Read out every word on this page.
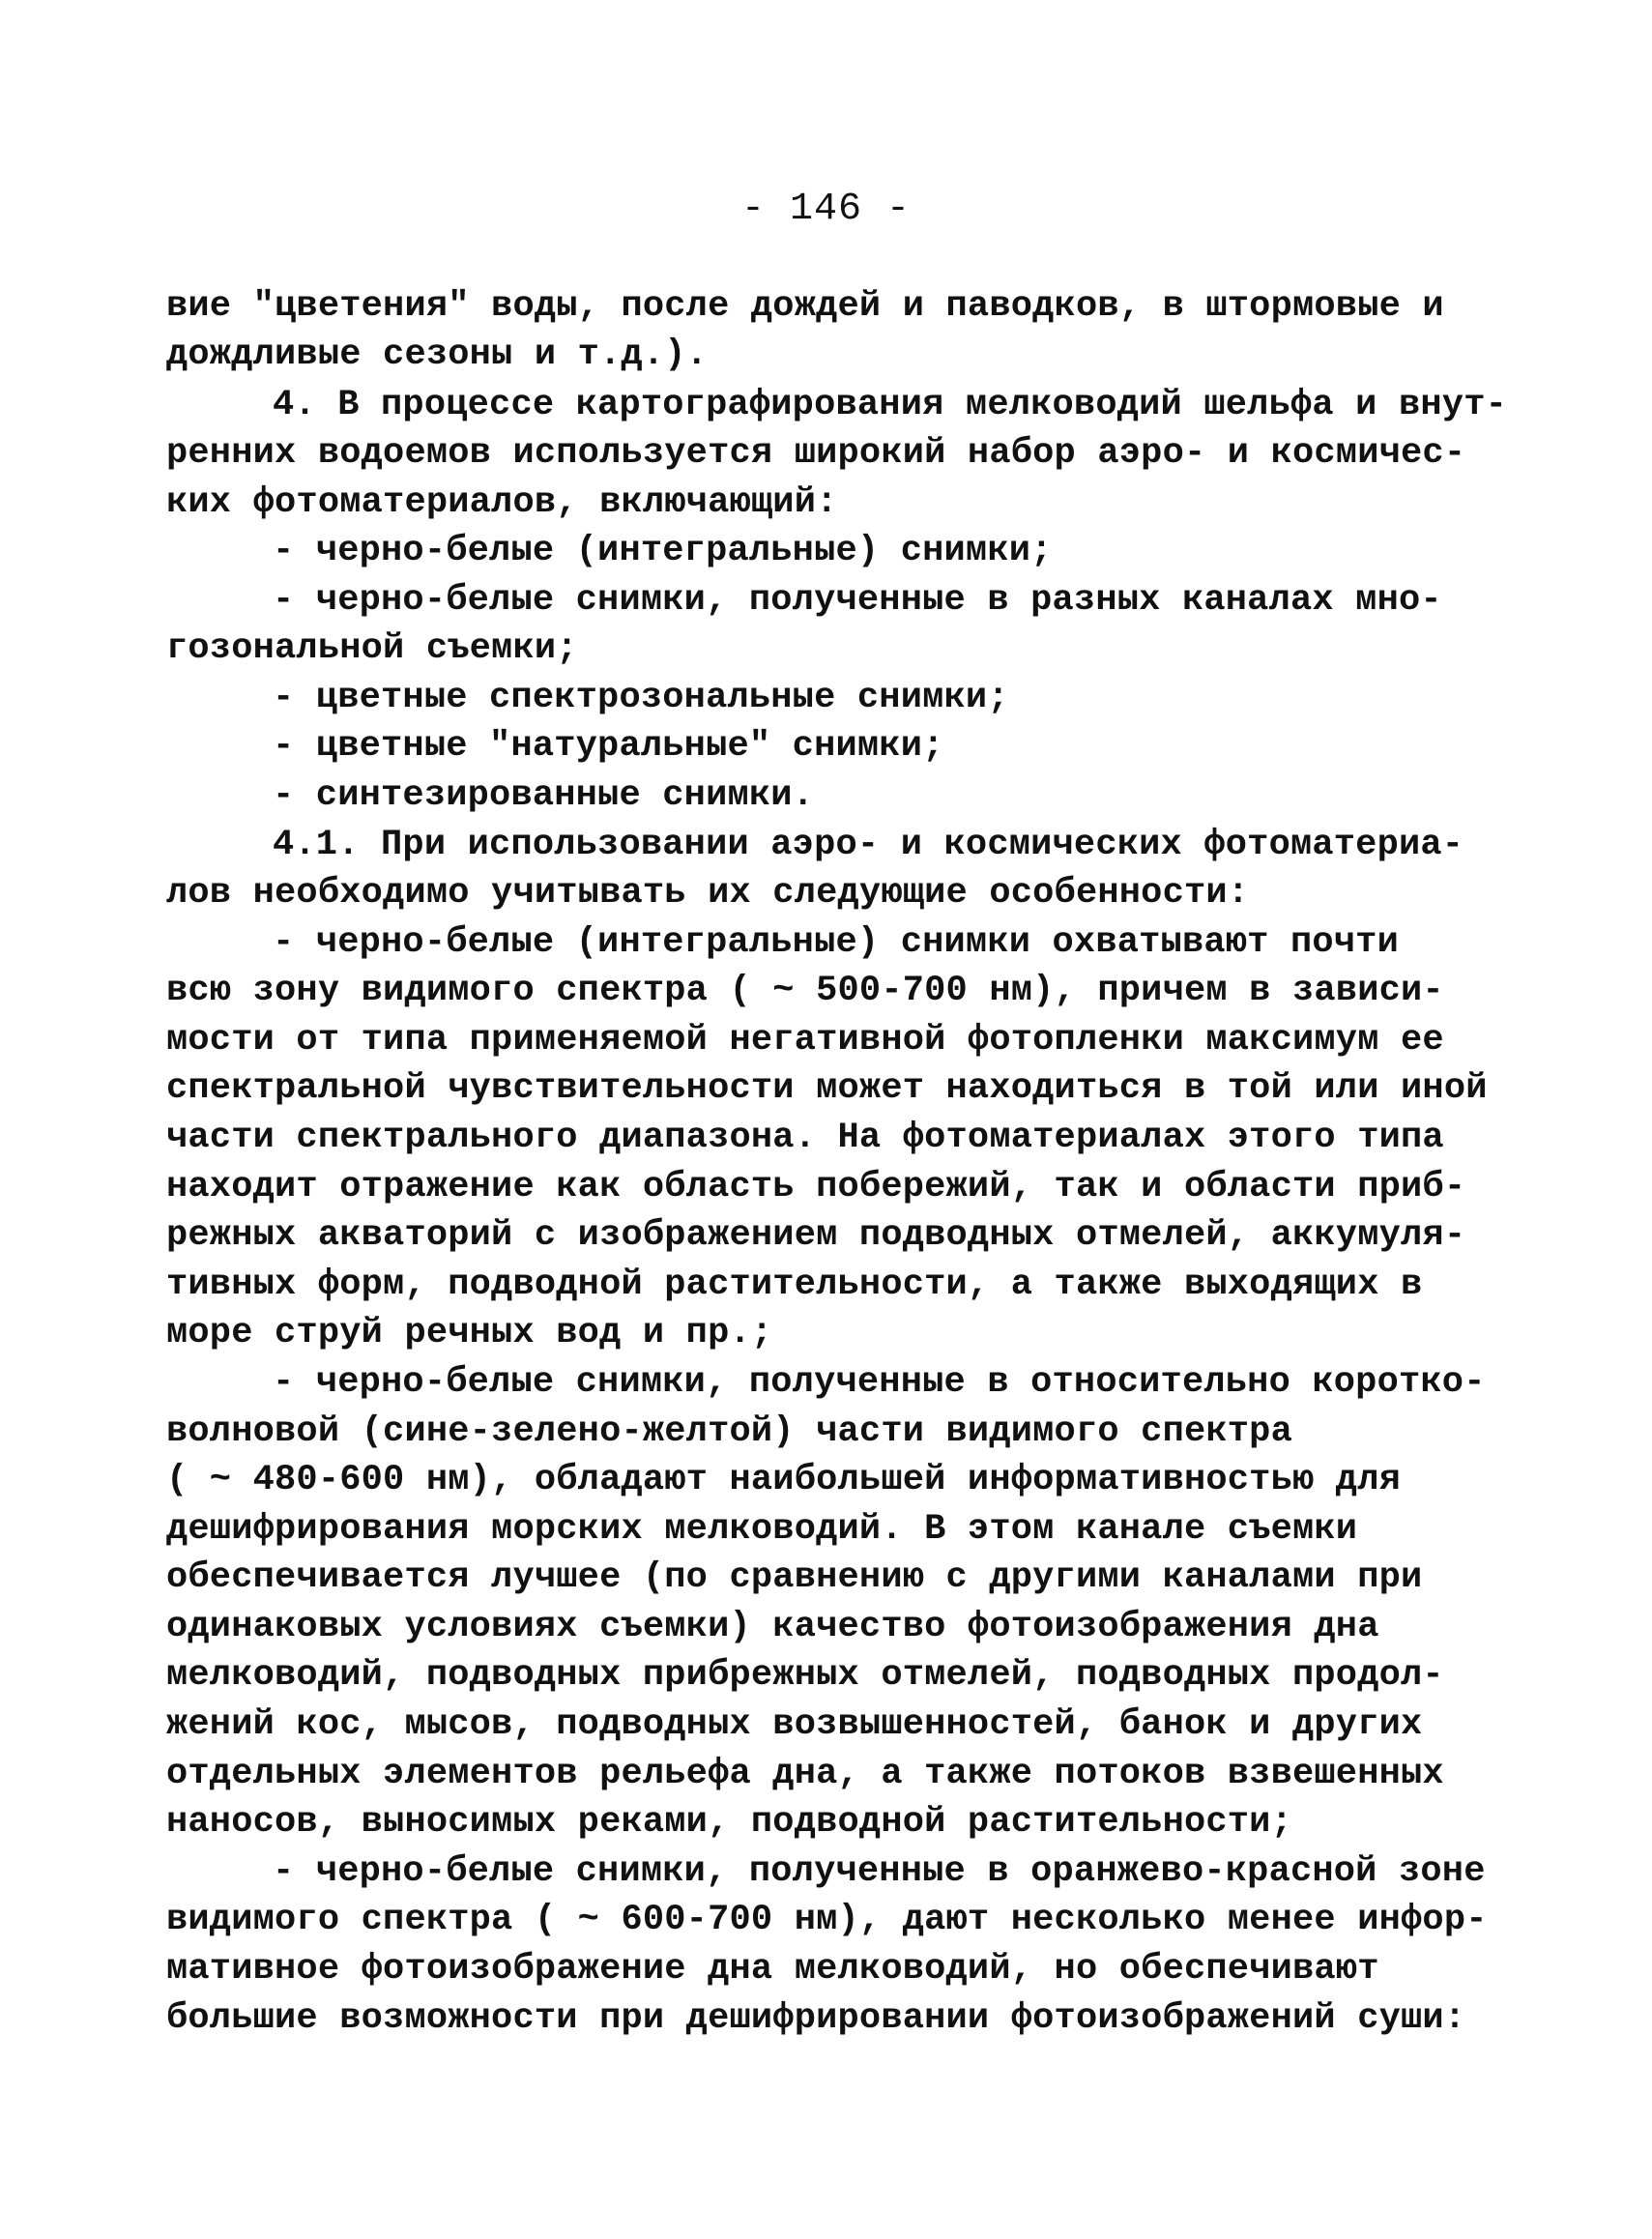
- 146 -
вие "цветения" воды, после дождей и паводков, в штормовые и
дождливые сезоны и т.д.).
4. В процессе картографирования мелководий шельфа и внут-
ренних водоемов используется широкий набор аэро- и космичес-
ких фотоматериалов, включающий:
- черно-белые (интегральные) снимки;
- черно-белые снимки, полученные в разных каналах мно-
гозональной съемки;
- цветные спектрозональные снимки;
- цветные "натуральные" снимки;
- синтезированные снимки.
4.1. При использовании аэро- и космических фотоматериа-
лов необходимо учитывать их следующие особенности:
- черно-белые (интегральные) снимки охватывают почти
всю зону видимого спектра ( ~ 500-700 нм), причем в зависи-
мости от типа применяемой негативной фотопленки максимум ее
спектральной чувствительности может находиться в той или иной
части спектрального диапазона. На фотоматериалах этого типа
находит отражение как область побережий, так и области приб-
режных акваторий с изображением подводных отмелей, аккумуля-
тивных форм, подводной растительности, а также выходящих в
море струй речных вод и пр.;
- черно-белые снимки, полученные в относительно коротко-
волновой (сине-зелено-желтой) части видимого спектра
( ~ 480-600 нм), обладают наибольшей информативностью для
дешифрирования морских мелководий. В этом канале съемки
обеспечивается лучшее (по сравнению с другими каналами при
одинаковых условиях съемки) качество фотоизображения дна
мелководий, подводных прибрежных отмелей, подводных продол-
жений кос, мысов, подводных возвышенностей, банок и других
отдельных элементов рельефа дна, а также потоков взвешенных
наносов, выносимых реками, подводной растительности;
- черно-белые снимки, полученные в оранжево-красной зоне
видимого спектра ( ~ 600-700 нм), дают несколько менее инфор-
мативное фотоизображение дна мелководий, но обеспечивают
большие возможности при дешифрировании фотоизображений суши:
